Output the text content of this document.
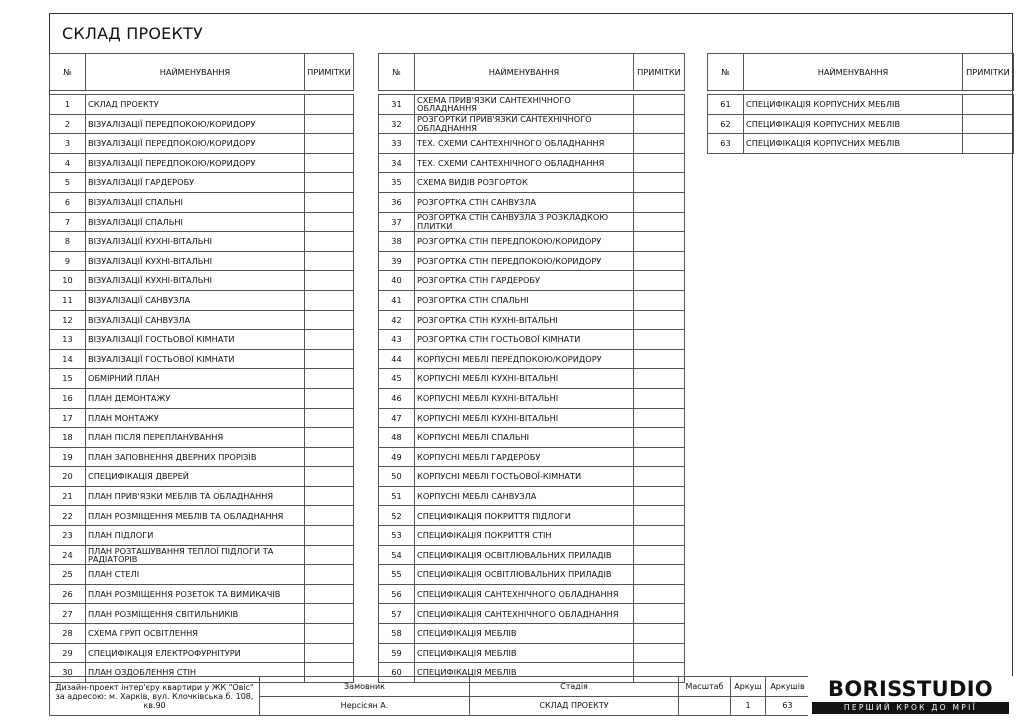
СКЛАД ПРОЕКТУ
№	НАЙМЕНУВАННЯ	ПРИМІТКИ

1	СКЛАД ПРОЕКТУ	
2	ВІЗУАЛІЗАЦІЇ ПЕРЕДПОКОЮ/КОРИДОРУ	
3	ВІЗУАЛІЗАЦІЇ ПЕРЕДПОКОЮ/КОРИДОРУ	
4	ВІЗУАЛІЗАЦІЇ ПЕРЕДПОКОЮ/КОРИДОРУ	
5	ВІЗУАЛІЗАЦІЇ ГАРДЕРОБУ	
6	ВІЗУАЛІЗАЦІЇ СПАЛЬНІ	
7	ВІЗУАЛІЗАЦІЇ СПАЛЬНІ	
8	ВІЗУАЛІЗАЦІЇ КУХНІ-ВІТАЛЬНІ	
9	ВІЗУАЛІЗАЦІЇ КУХНІ-ВІТАЛЬНІ	
10	ВІЗУАЛІЗАЦІЇ КУХНІ-ВІТАЛЬНІ	
11	ВІЗУАЛІЗАЦІЇ САНВУЗЛА	
12	ВІЗУАЛІЗАЦІЇ САНВУЗЛА	
13	ВІЗУАЛІЗАЦІЇ ГОСТЬОВОЇ КІМНАТИ	
14	ВІЗУАЛІЗАЦІЇ ГОСТЬОВОЇ КІМНАТИ	
15	ОБМІРНИЙ ПЛАН	
16	ПЛАН ДЕМОНТАЖУ	
17	ПЛАН МОНТАЖУ	
18	ПЛАН ПІСЛЯ ПЕРЕПЛАНУВАННЯ	
19	ПЛАН ЗАПОВНЕННЯ ДВЕРНИХ ПРОРІЗІВ	
20	СПЕЦИФІКАЦІЯ ДВЕРЕЙ	
21	ПЛАН ПРИВ'ЯЗКИ МЕБЛІВ ТА ОБЛАДНАННЯ	
22	ПЛАН РОЗМІЩЕННЯ МЕБЛІВ ТА ОБЛАДНАННЯ	
23	ПЛАН ПІДЛОГИ	
24	ПЛАН РОЗТАШУВАННЯ ТЕПЛОЇ ПІДЛОГИ ТА РАДІАТОРІВ	
25	ПЛАН СТЕЛІ	
26	ПЛАН РОЗМІЩЕННЯ РОЗЕТОК ТА ВИМИКАЧІВ	
27	ПЛАН РОЗМІЩЕННЯ СВІТИЛЬНИКІВ	
28	СХЕМА ГРУП ОСВІТЛЕННЯ	
29	СПЕЦИФІКАЦІЯ ЕЛЕКТРОФУРНІТУРИ	
30	ПЛАН ОЗДОБЛЕННЯ СТІН	
№	НАЙМЕНУВАННЯ	ПРИМІТКИ

31	СХЕМА ПРИВ'ЯЗКИ САНТЕХНІЧНОГО ОБЛАДНАННЯ	
32	РОЗГОРТКИ ПРИВ'ЯЗКИ САНТЕХНІЧНОГО ОБЛАДНАННЯ	
33	ТЕХ. СХЕМИ САНТЕХНІЧНОГО ОБЛАДНАННЯ	
34	ТЕХ. СХЕМИ САНТЕХНІЧНОГО ОБЛАДНАННЯ	
35	СХЕМА ВИДІВ РОЗГОРТОК	
36	РОЗГОРТКА СТІН САНВУЗЛА	
37	РОЗГОРТКА СТІН САНВУЗЛА З РОЗКЛАДКОЮ ПЛИТКИ	
38	РОЗГОРТКА СТІН ПЕРЕДПОКОЮ/КОРИДОРУ	
39	РОЗГОРТКА СТІН ПЕРЕДПОКОЮ/КОРИДОРУ	
40	РОЗГОРТКА СТІН ГАРДЕРОБУ	
41	РОЗГОРТКА СТІН СПАЛЬНІ	
42	РОЗГОРТКА СТІН КУХНІ-ВІТАЛЬНІ	
43	РОЗГОРТКА СТІН ГОСТЬОВОЇ КІМНАТИ	
44	КОРПУСНІ МЕБЛІ ПЕРЕДПОКОЮ/КОРИДОРУ	
45	КОРПУСНІ МЕБЛІ КУХНІ-ВІТАЛЬНІ	
46	КОРПУСНІ МЕБЛІ КУХНІ-ВІТАЛЬНІ	
47	КОРПУСНІ МЕБЛІ КУХНІ-ВІТАЛЬНІ	
48	КОРПУСНІ МЕБЛІ СПАЛЬНІ	
49	КОРПУСНІ МЕБЛІ ГАРДЕРОБУ	
50	КОРПУСНІ МЕБЛІ ГОСТЬОВОЇ-КІМНАТИ	
51	КОРПУСНІ МЕБЛІ САНВУЗЛА	
52	СПЕЦИФІКАЦІЯ ПОКРИТТЯ ПІДЛОГИ	
53	СПЕЦИФІКАЦІЯ ПОКРИТТЯ СТІН	
54	СПЕЦИФІКАЦІЯ ОСВІТЛЮВАЛЬНИХ ПРИЛАДІВ	
55	СПЕЦИФІКАЦІЯ ОСВІТЛЮВАЛЬНИХ ПРИЛАДІВ	
56	СПЕЦИФІКАЦІЯ САНТЕХНІЧНОГО ОБЛАДНАННЯ	
57	СПЕЦИФІКАЦІЯ САНТЕХНІЧНОГО ОБЛАДНАННЯ	
58	СПЕЦИФІКАЦІЯ МЕБЛІВ	
59	СПЕЦИФІКАЦІЯ МЕБЛІВ	
60	СПЕЦИФІКАЦІЯ МЕБЛІВ	
№	НАЙМЕНУВАННЯ	ПРИМІТКИ

61	СПЕЦИФІКАЦІЯ КОРПУСНИХ МЕБЛІВ	
62	СПЕЦИФІКАЦІЯ КОРПУСНИХ МЕБЛІВ	
63	СПЕЦИФІКАЦІЯ КОРПУСНИХ МЕБЛІВ	
Дизайн-проект інтер'єру квартири у ЖК "Овіс" за адресою: м. Харків, вул. Клочківська б. 108, кв.90	Замовник	Стадія	Масштаб	Аркуш	Аркушів
	Нерсісян А.	СКЛАД ПРОЕКТУ		1	63
BORISSTUDIO
ПЕРШИЙ КРОК ДО МРІЇ
